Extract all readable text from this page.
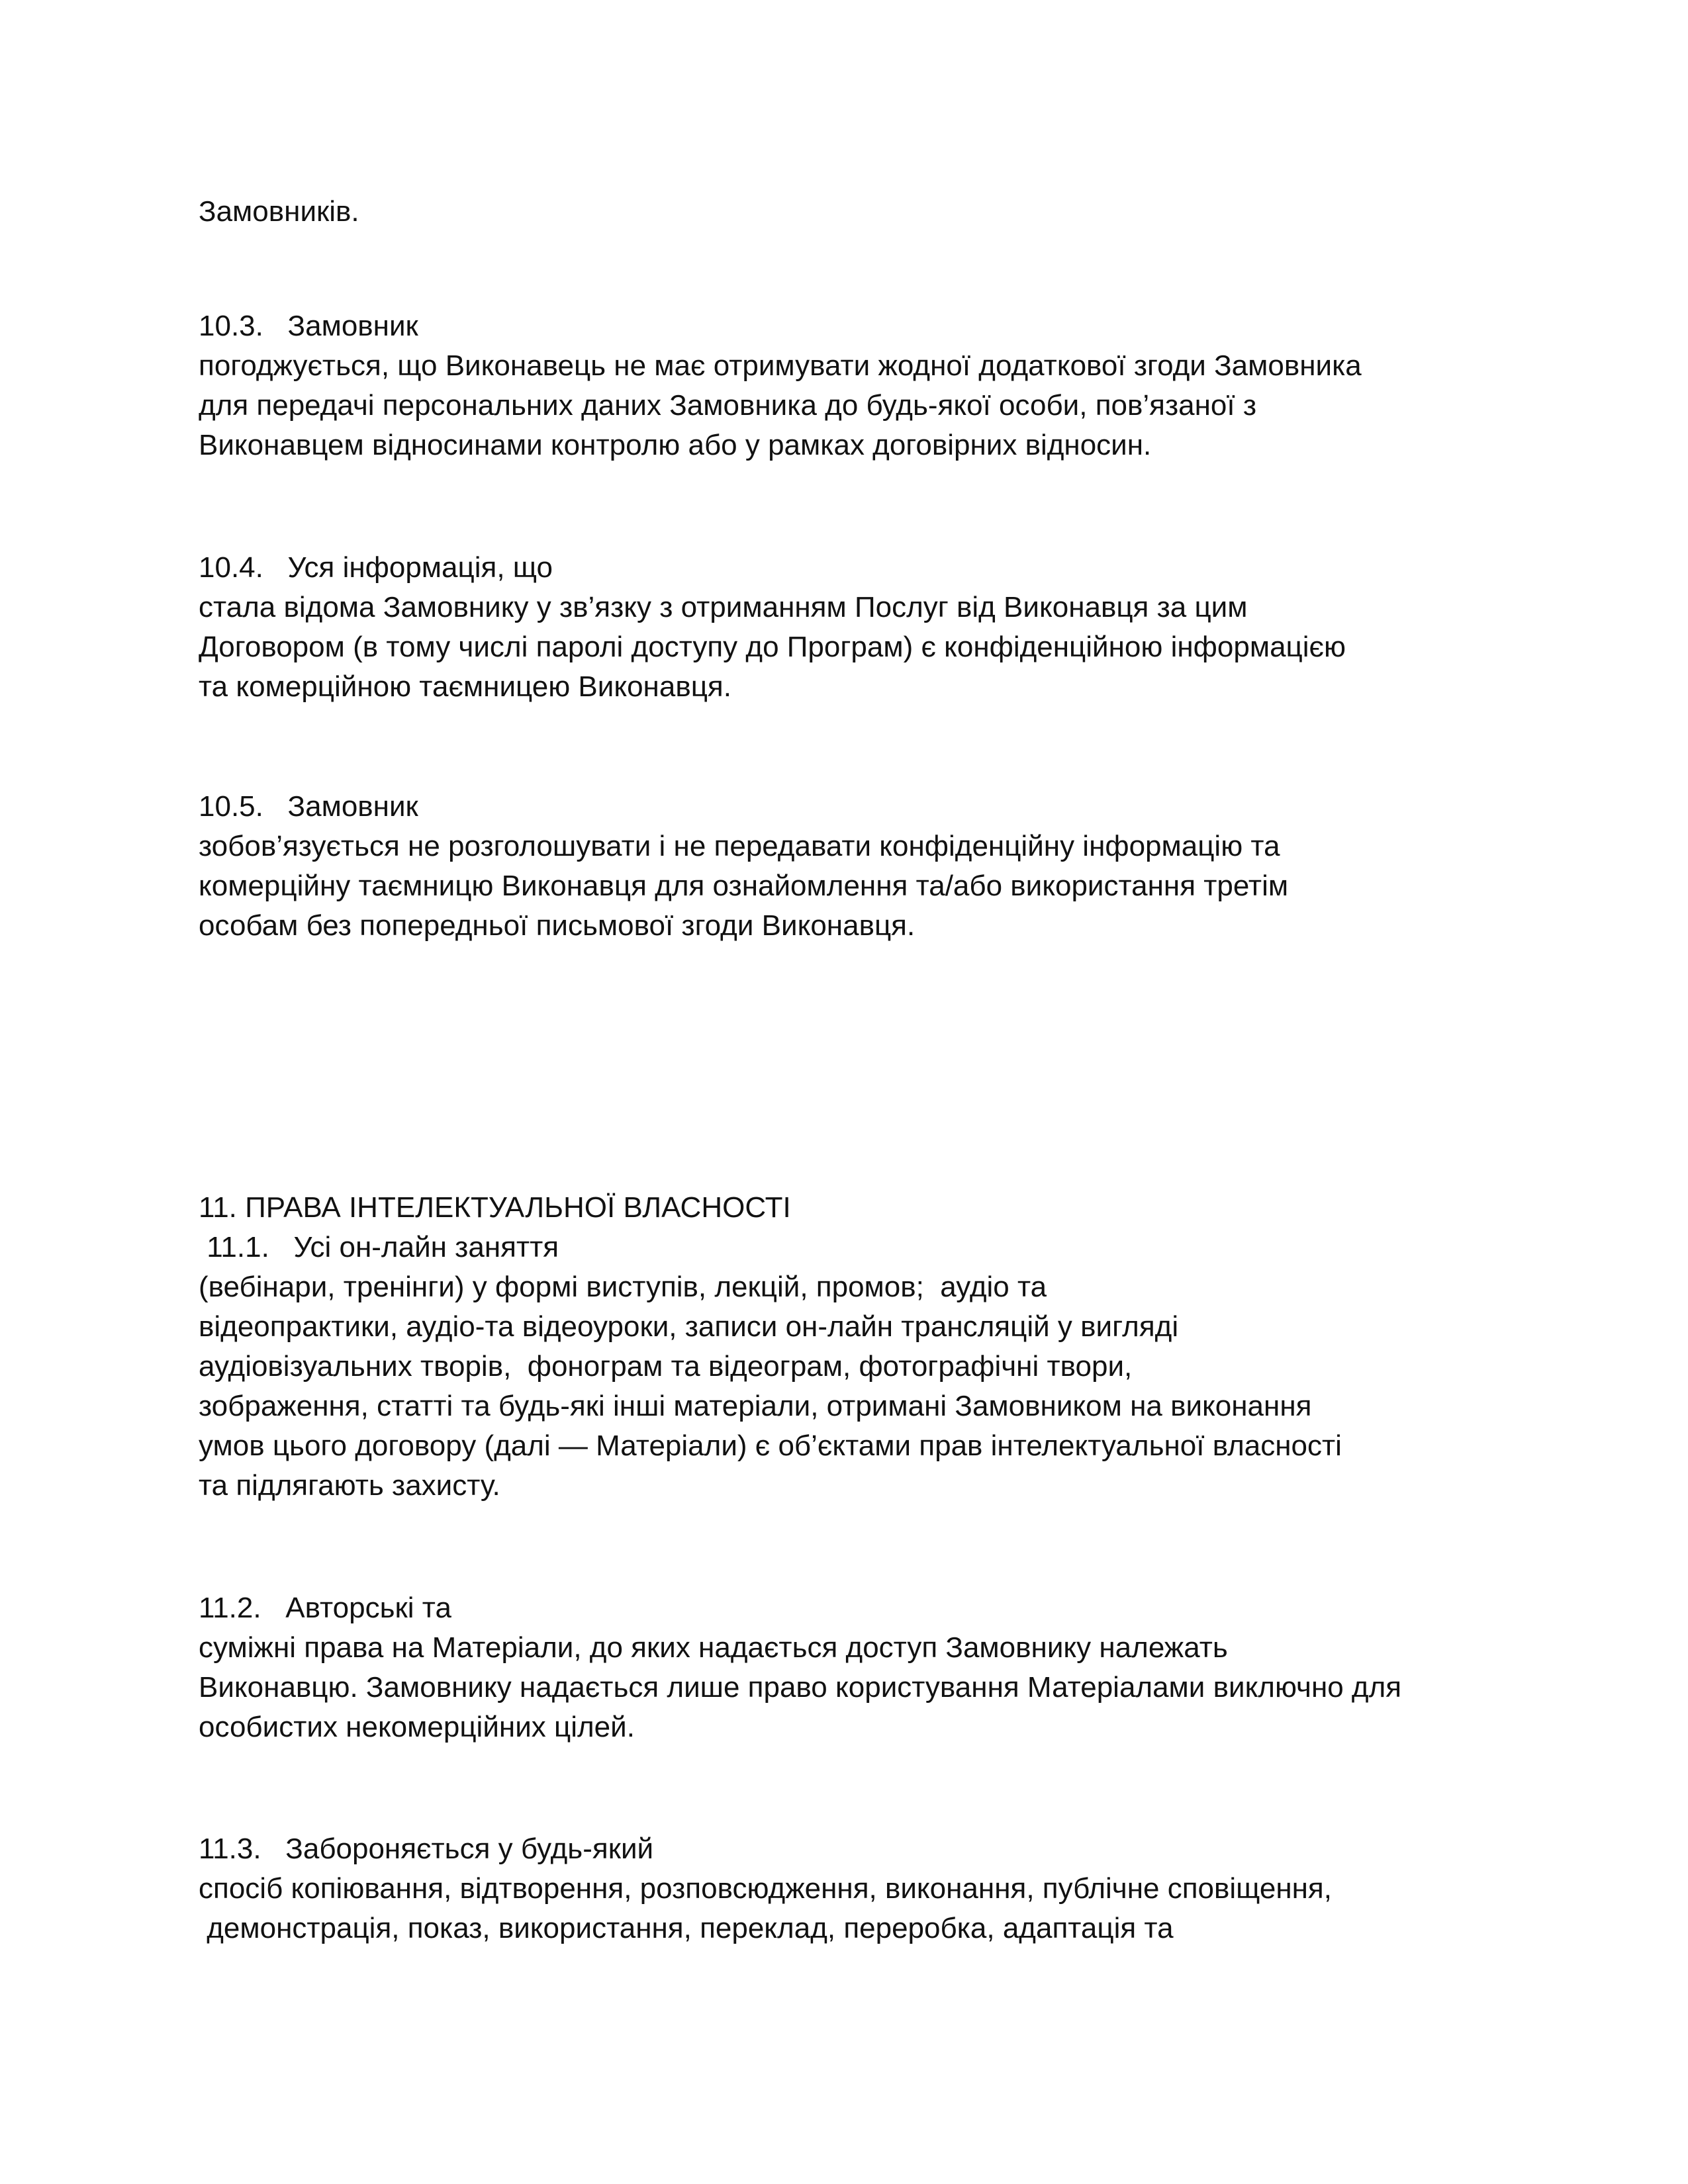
Замовників.

10.3.   Замовник

погоджується, що Виконавець не має отримувати жодної додаткової згоди Замовника

для передачі персональних даних Замовника до будь-якої особи, пов’язаної з

Виконавцем відносинами контролю або у рамках договірних відносин.

10.4.   Уся інформація, що

стала відома Замовнику у зв’язку з отриманням Послуг від Виконавця за цим

Договором (в тому числі паролі доступу до Програм) є конфіденційною інформацією

та комерційною таємницею Виконавця.

10.5.   Замовник

зобов’язується не розголошувати і не передавати конфіденційну інформацію та

комерційну таємницю Виконавця для ознайомлення та/або використання третім

особам без попередньої письмової згоди Виконавця.

11. ПРАВА ІНТЕЛЕКТУАЛЬНОЇ ВЛАСНОСТІ

11.1.   Усі он-лайн заняття

(вебінари, тренінги) у формі виступів, лекцій, промов;  аудіо та

відеопрактики, аудіо-та відеоуроки, записи он-лайн трансляцій у вигляді

аудіовізуальних творів,  фонограм та відеограм, фотографічні твори,

зображення, статті та будь-які інші матеріали, отримані Замовником на виконання

умов цього договору (далі — Матеріали) є об’єктами прав інтелектуальної власності

та підлягають захисту.

11.2.   Авторські та

суміжні права на Матеріали, до яких надається доступ Замовнику належать

Виконавцю. Замовнику надається лише право користування Матеріалами виключно для

особистих некомерційних цілей.

11.3.   Забороняється у будь-який

спосіб копіювання, відтворення, розповсюдження, виконання, публічне сповіщення,

демонстрація, показ, використання, переклад, переробка, адаптація та
